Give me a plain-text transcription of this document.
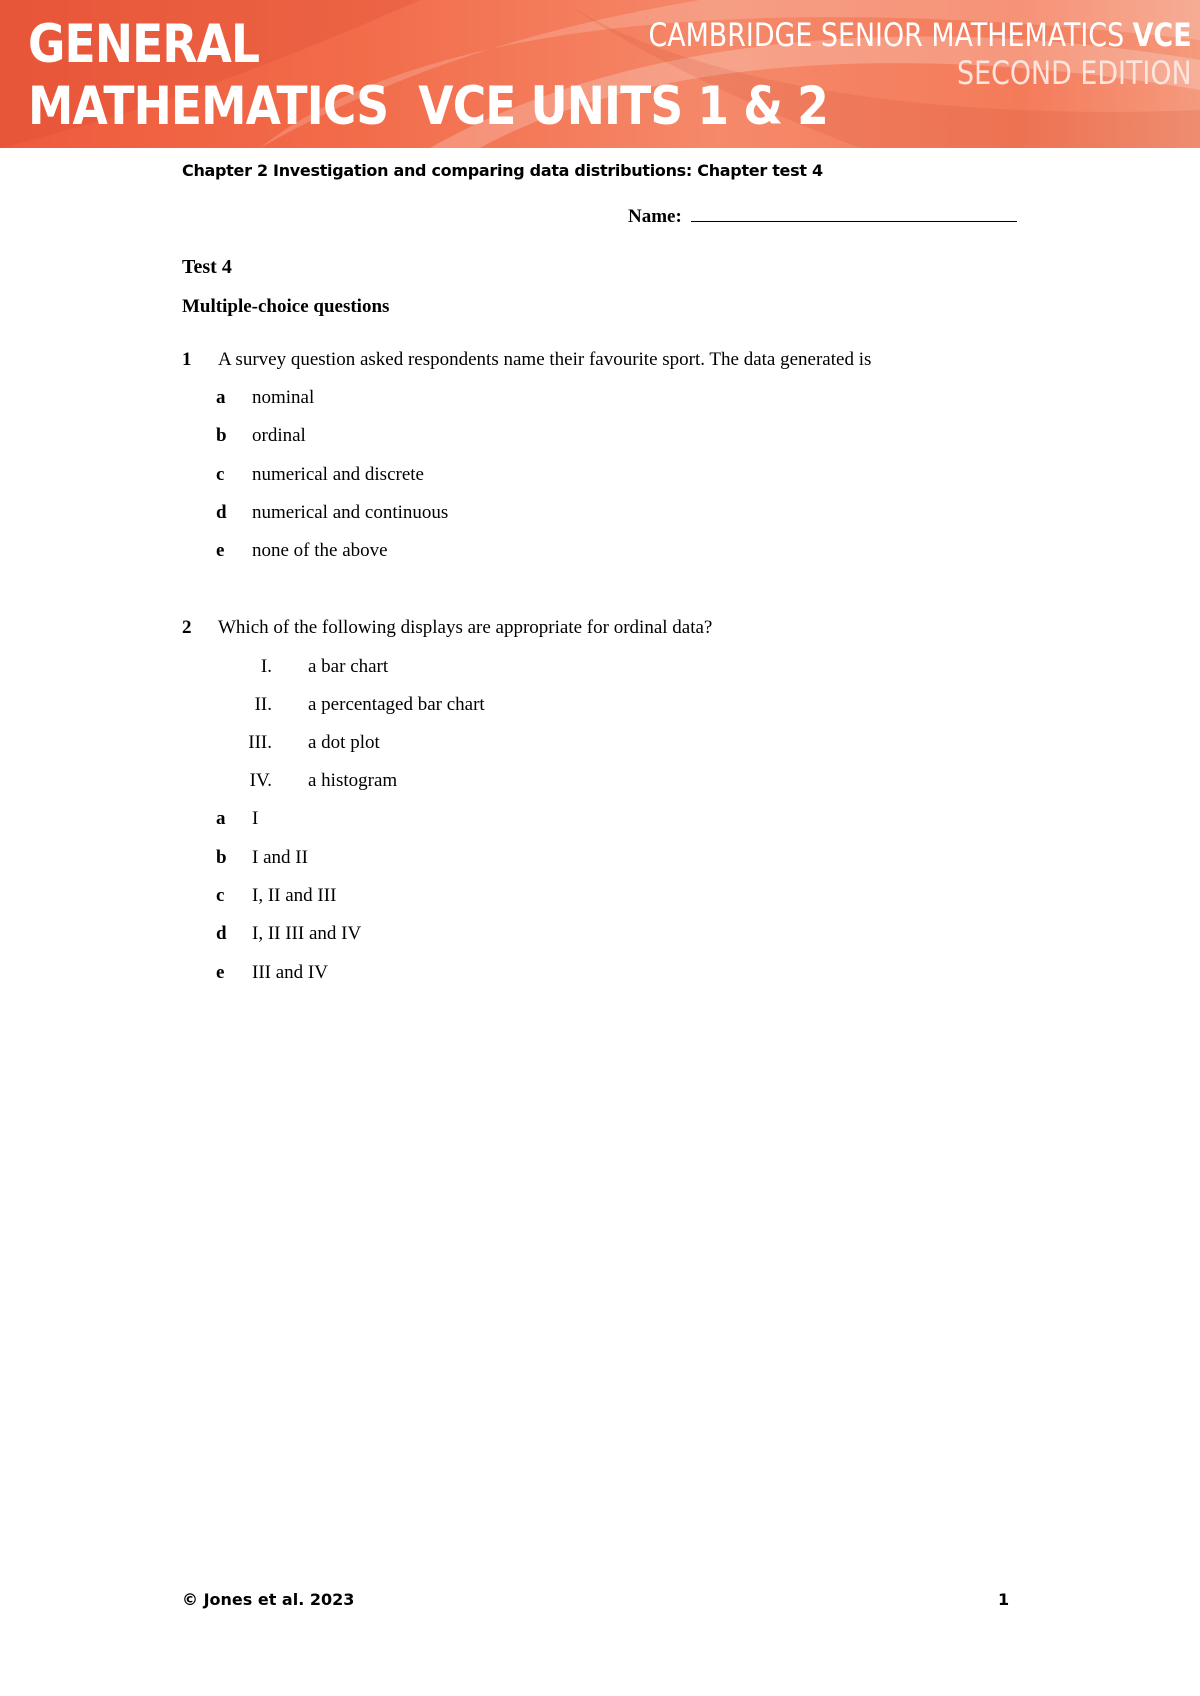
GENERAL
MATHEMATICS  VCE UNITS 1 & 2
CAMBRIDGE SENIOR MATHEMATICS VCE
SECOND EDITION
Chapter 2 Investigation and comparing data distributions: Chapter test 4
Name:
Test 4
Multiple-choice questions
1 A survey question asked respondents name their favourite sport. The data generated is
a nominal
b ordinal
c numerical and discrete
d numerical and continuous
e none of the above
2 Which of the following displays are appropriate for ordinal data?
I. a bar chart
II. a percentaged bar chart
III. a dot plot
IV. a histogram
a I
b I and II
c I, II and III
d I, II III and IV
e III and IV
© Jones et al. 2023	1
